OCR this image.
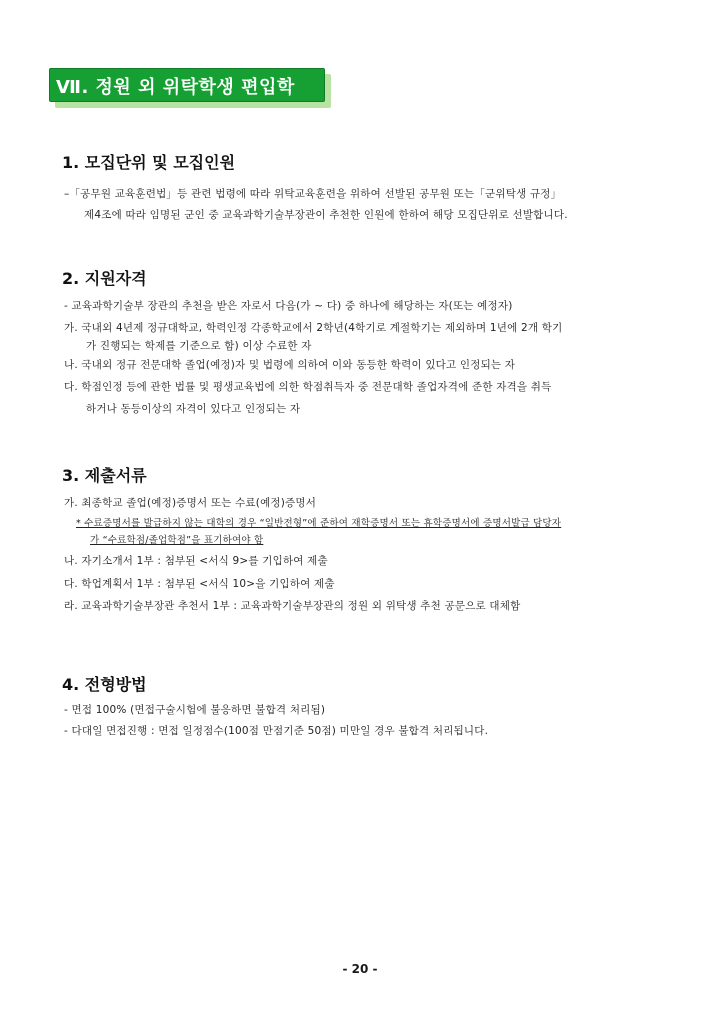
Ⅶ. 정원 외 위탁학생 편입학
1. 모집단위 및 모집인원
–「공무원 교육훈련법」등 관련 법령에 따라 위탁교육훈련을 위하여 선발된 공무원 또는「군위탁생 규정」
제4조에 따라 임명된 군인 중 교육과학기술부장관이 추천한 인원에 한하여 해당 모집단위로 선발합니다.
2. 지원자격
- 교육과학기술부 장관의 추천을 받은 자로서 다음(가 ~ 다) 중 하나에 해당하는 자(또는 예정자)
가. 국내외 4년제 정규대학교, 학력인정 각종학교에서 2학년(4학기로 계절학기는 제외하며 1년에 2개 학기
가 진행되는 학제를 기준으로 함) 이상 수료한 자
나. 국내외 정규 전문대학 졸업(예정)자 및 법령에 의하여 이와 동등한 학력이 있다고 인정되는 자
다. 학점인정 등에 관한 법률 및 평생교육법에 의한 학점취득자 중 전문대학 졸업자격에 준한 자격을 취득
하거나 동등이상의 자격이 있다고 인정되는 자
3. 제출서류
가. 최종학교 졸업(예정)증명서 또는 수료(예정)증명서
* 수료증명서를 발급하지 않는 대학의 경우 “일반전형”에 준하여 재학증명서 또는 휴학증명서에 증명서발급 담당자
가 “수료학점/졸업학점”을 표기하여야 함
나. 자기소개서 1부 : 첨부된 <서식 9>를 기입하여 제출
다. 학업계획서 1부 : 첨부된 <서식 10>을 기입하여 제출
라. 교육과학기술부장관 추천서 1부 : 교육과학기술부장관의 정원 외 위탁생 추천 공문으로 대체함
4. 전형방법
- 면접 100% (면접구술시험에 불응하면 불합격 처리됨)
- 다대일 면접진행 : 면접 일정점수(100점 만점기준 50점) 미만일 경우 불합격 처리됩니다.
- 20 -
